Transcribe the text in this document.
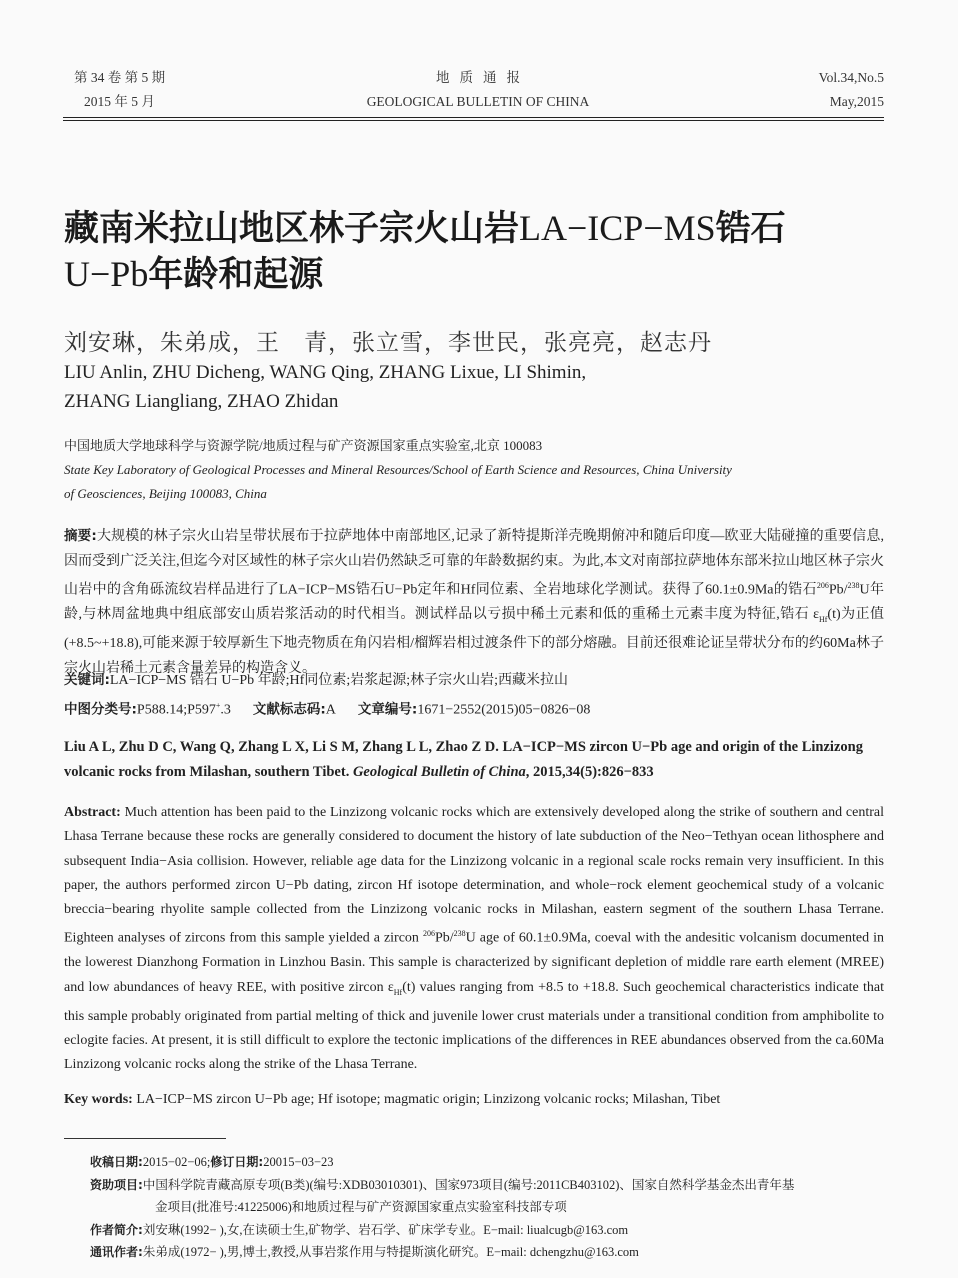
第 34 卷 第 5 期
2015 年 5 月
地质通报
GEOLOGICAL BULLETIN OF CHINA
Vol.34,No.5
May,2015
藏南米拉山地区林子宗火山岩LA−ICP−MS锆石
U−Pb年龄和起源
刘安琳，朱弟成，王　青，张立雪，李世民，张亮亮，赵志丹
LIU Anlin, ZHU Dicheng, WANG Qing, ZHANG Lixue, LI Shimin,
ZHANG Liangliang, ZHAO Zhidan
中国地质大学地球科学与资源学院/地质过程与矿产资源国家重点实验室,北京 100083
State Key Laboratory of Geological Processes and Mineral Resources/School of Earth Science and Resources, China University
of Geosciences, Beijing 100083, China
摘要:大规模的林子宗火山岩呈带状展布于拉萨地体中南部地区,记录了新特提斯洋壳晚期俯冲和随后印度—欧亚大陆碰撞的重要信息,因而受到广泛关注,但迄今对区域性的林子宗火山岩仍然缺乏可靠的年龄数据约束。为此,本文对南部拉萨地体东部米拉山地区林子宗火山岩中的含角砾流纹岩样品进行了LA−ICP−MS锆石U−Pb定年和Hf同位素、全岩地球化学测试。获得了60.1±0.9Ma的锆石$^{206}$Pb/$^{238}$U年龄,与林周盆地典中组底部安山质岩浆活动的时代相当。测试样品以亏损中稀土元素和低的重稀土元素丰度为特征,锆石 $\varepsilon_{Hf}(t)$为正值(+8.5~+18.8),可能来源于较厚新生下地壳物质在角闪岩相/榴辉岩相过渡条件下的部分熔融。目前还很难论证呈带状分布的约60Ma林子宗火山岩稀土元素含量差异的构造含义。
关键词:LA−ICP−MS 锆石 U−Pb 年龄;Hf同位素;岩浆起源;林子宗火山岩;西藏米拉山
中图分类号:P588.14;P597+.3 文献标志码:A 文章编号:1671−2552(2015)05−0826−08
Liu A L, Zhu D C, Wang Q, Zhang L X, Li S M, Zhang L L, Zhao Z D. LA−ICP−MS zircon U−Pb age and origin of the Linzizong volcanic rocks from Milashan, southern Tibet. Geological Bulletin of China, 2015,34(5):826−833
Abstract: Much attention has been paid to the Linzizong volcanic rocks which are extensively developed along the strike of southern and central Lhasa Terrane because these rocks are generally considered to document the history of late subduction of the Neo−Tethyan ocean lithosphere and subsequent India−Asia collision. However, reliable age data for the Linzizong volcanic in a regional scale rocks remain very insufficient. In this paper, the authors performed zircon U−Pb dating, zircon Hf isotope determination, and whole−rock element geochemical study of a volcanic breccia−bearing rhyolite sample collected from the Linzizong volcanic rocks in Milashan, eastern segment of the southern Lhasa Terrane. Eighteen analyses of zircons from this sample yielded a zircon $^{206}$Pb/$^{238}$U age of 60.1±0.9Ma, coeval with the andesitic volcanism documented in the lowerest Dianzhong Formation in Linzhou Basin. This sample is characterized by significant depletion of middle rare earth element (MREE) and low abundances of heavy REE, with positive zircon $\varepsilon_{Hf}(t)$ values ranging from +8.5 to +18.8. Such geochemical characteristics indicate that this sample probably originated from partial melting of thick and juvenile lower crust materials under a transitional condition from amphibolite to eclogite facies. At present, it is still difficult to explore the tectonic implications of the differences in REE abundances observed from the ca.60Ma Linzizong volcanic rocks along the strike of the Lhasa Terrane.
Key words: LA−ICP−MS zircon U−Pb age; Hf isotope; magmatic origin; Linzizong volcanic rocks; Milashan, Tibet
收稿日期:2015−02−06;修订日期:20015−03−23
资助项目:中国科学院青藏高原专项(B类)(编号:XDB03010301)、国家973项目(编号:2011CB403102)、国家自然科学基金杰出青年基
金项目(批准号:41225006)和地质过程与矿产资源国家重点实验室科技部专项
作者简介:刘安琳(1992− ),女,在读硕士生,矿物学、岩石学、矿床学专业。E−mail: liualcugb@163.com
通讯作者:朱弟成(1972− ),男,博士,教授,从事岩浆作用与特提斯演化研究。E−mail: dchengzhu@163.com
